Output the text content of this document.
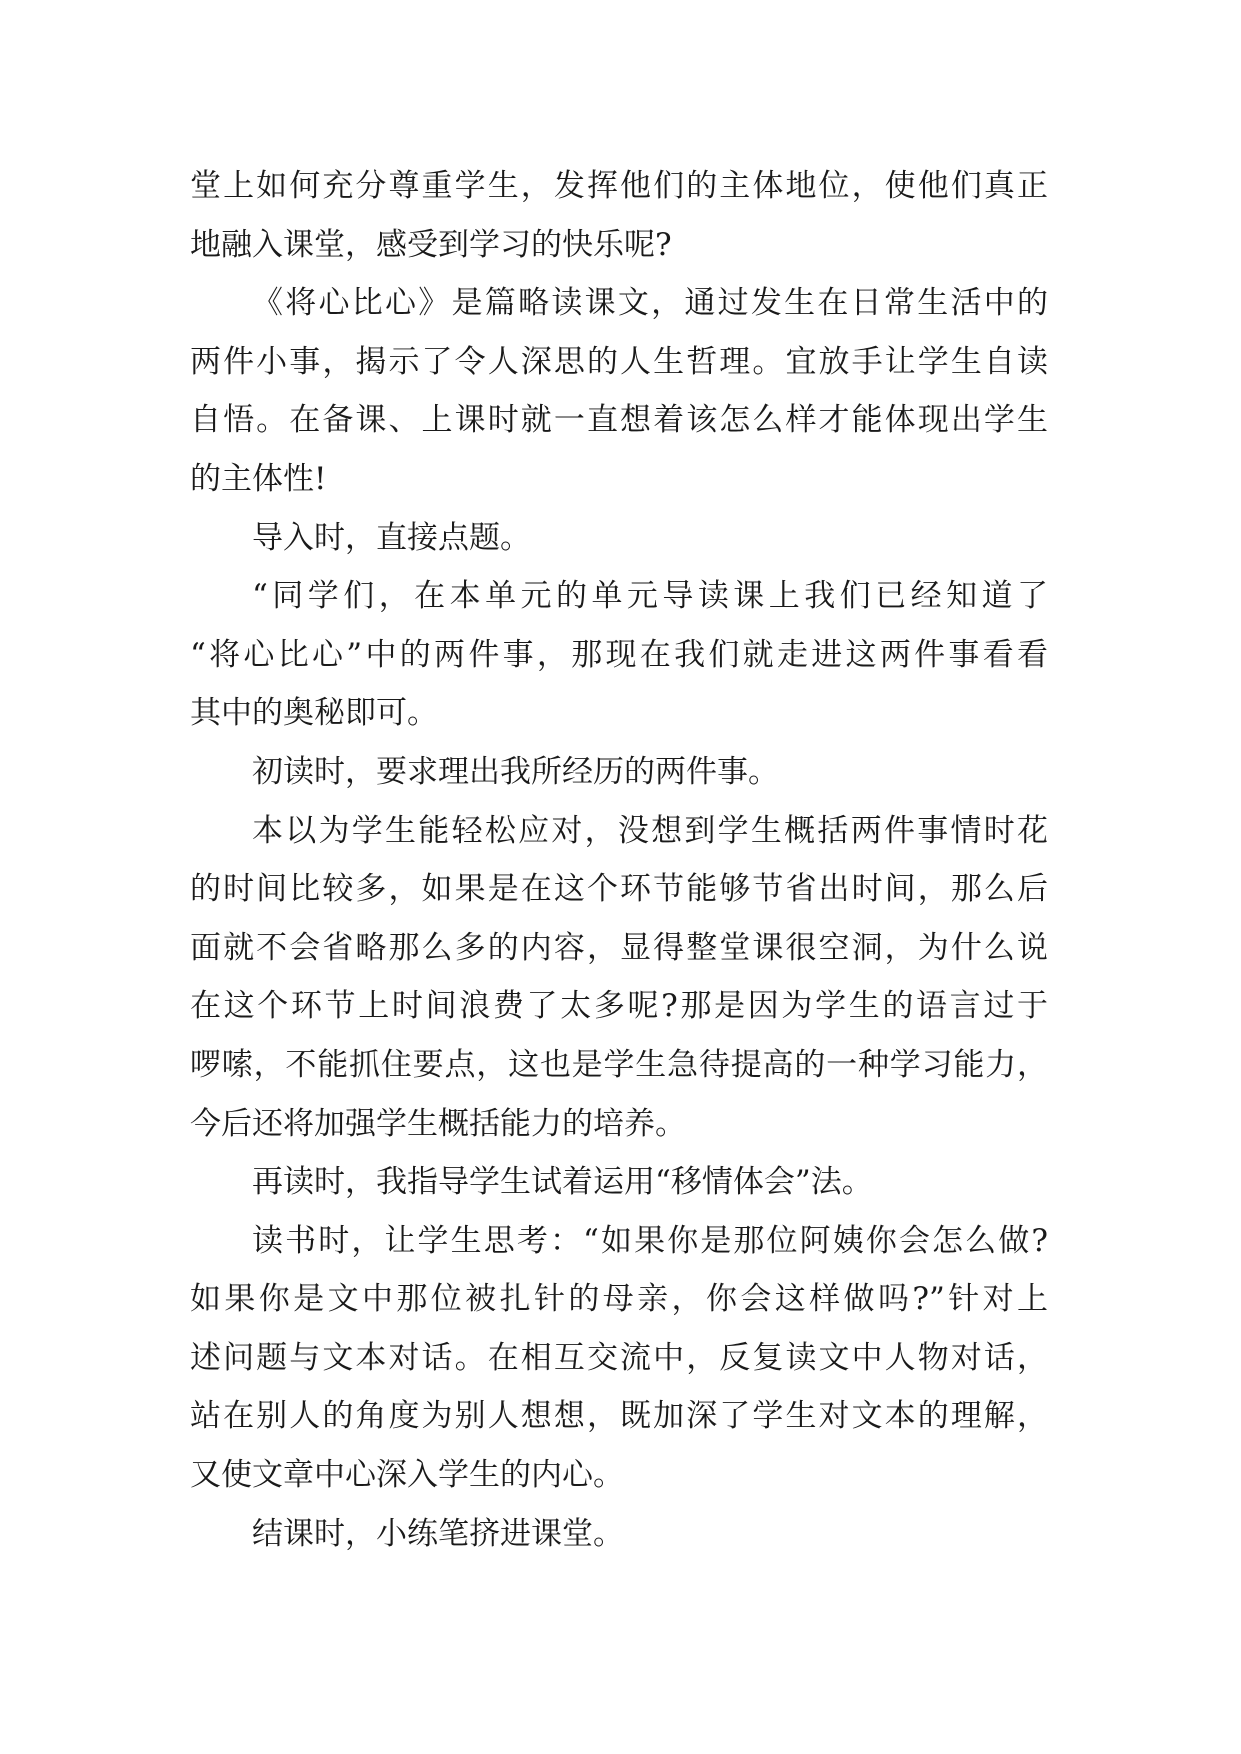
堂上如何充分尊重学生，发挥他们的主体地位，使他们真正
地融入课堂，感受到学习的快乐呢?
《将心比心》是篇略读课文，通过发生在日常生活中的
两件小事，揭示了令人深思的人生哲理。宜放手让学生自读
自悟。在备课、上课时就一直想着该怎么样才能体现出学生
的主体性!
导入时，直接点题。
“同学们，在本单元的单元导读课上我们已经知道了
“将心比心”中的两件事，那现在我们就走进这两件事看看
其中的奥秘即可。
初读时，要求理出我所经历的两件事。
本以为学生能轻松应对，没想到学生概括两件事情时花
的时间比较多，如果是在这个环节能够节省出时间，那么后
面就不会省略那么多的内容，显得整堂课很空洞，为什么说
在这个环节上时间浪费了太多呢?那是因为学生的语言过于
啰嗦，不能抓住要点，这也是学生急待提高的一种学习能力，
今后还将加强学生概括能力的培养。
再读时，我指导学生试着运用“移情体会”法。
读书时，让学生思考：“如果你是那位阿姨你会怎么做?
如果你是文中那位被扎针的母亲，你会这样做吗?”针对上
述问题与文本对话。在相互交流中，反复读文中人物对话，
站在别人的角度为别人想想，既加深了学生对文本的理解，
又使文章中心深入学生的内心。
结课时，小练笔挤进课堂。
